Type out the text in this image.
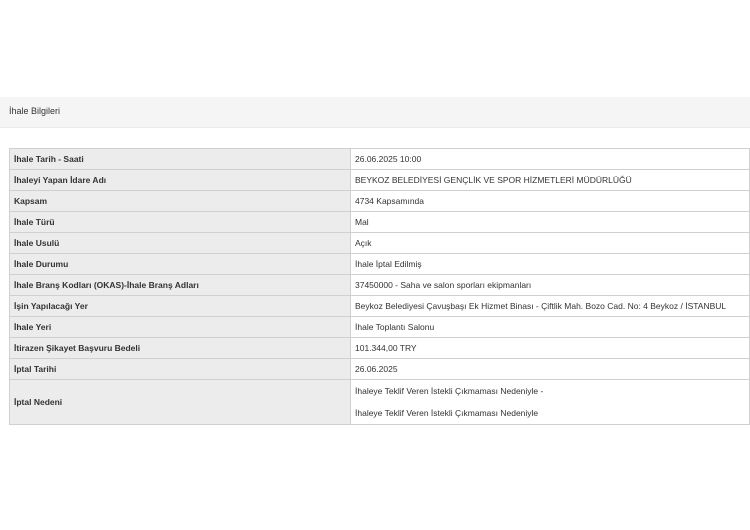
İhale Bilgileri
İhale Tarih - Saati	26.06.2025 10:00
İhaleyi Yapan İdare Adı	BEYKOZ BELEDİYESİ GENÇLİK VE SPOR HİZMETLERİ MÜDÜRLÜĞÜ
Kapsam	4734 Kapsamında
İhale Türü	Mal
İhale Usulü	Açık
İhale Durumu	İhale İptal Edilmiş
İhale Branş Kodları (OKAS)-İhale Branş Adları	37450000 - Saha ve salon sporları ekipmanları
İşin Yapılacağı Yer	Beykoz Belediyesi Çavuşbaşı Ek Hizmet Binası - Çiftlik Mah. Bozo Cad. No: 4 Beykoz / İSTANBUL
İhale Yeri	İhale Toplantı Salonu
İtirazen Şikayet Başvuru Bedeli	101.344,00 TRY
İptal Tarihi	26.06.2025
İptal Nedeni	İhaleye Teklif Veren İstekli Çıkmaması Nedeniyle -
İhaleye Teklif Veren İstekli Çıkmaması Nedeniyle
